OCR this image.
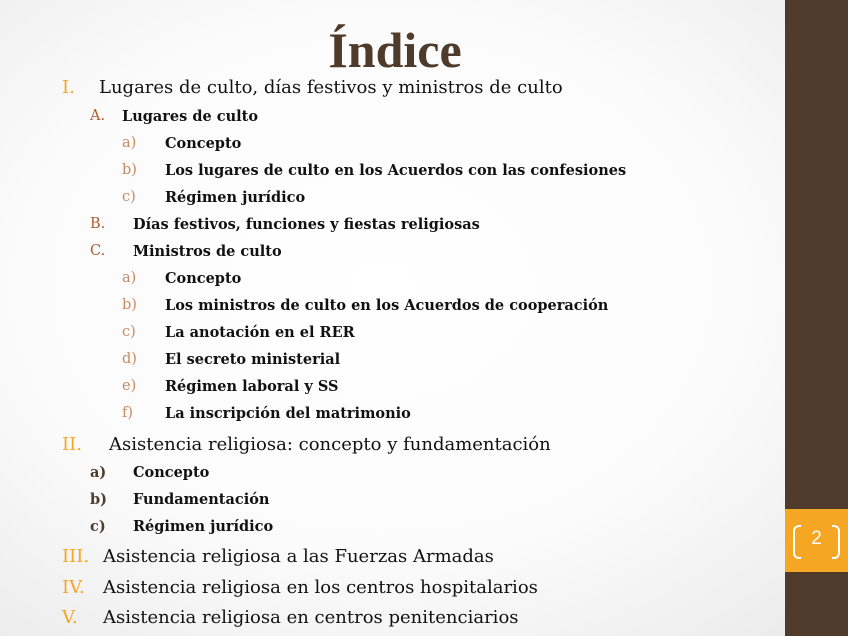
2
Índice
I. Lugares de culto, días festivos y ministros de culto
A. Lugares de culto
a) Concepto
b) Los lugares de culto en los Acuerdos con las confesiones
c) Régimen jurídico
B. Días festivos, funciones y fiestas religiosas
C. Ministros de culto
a) Concepto
b) Los ministros de culto en los Acuerdos de cooperación
c) La anotación en el RER
d) El secreto ministerial
e) Régimen laboral y SS
f) La inscripción del matrimonio
II. Asistencia religiosa: concepto y fundamentación
a) Concepto
b) Fundamentación
c) Régimen jurídico
III. Asistencia religiosa a las Fuerzas Armadas
IV. Asistencia religiosa en los centros hospitalarios
V. Asistencia religiosa en centros penitenciarios
